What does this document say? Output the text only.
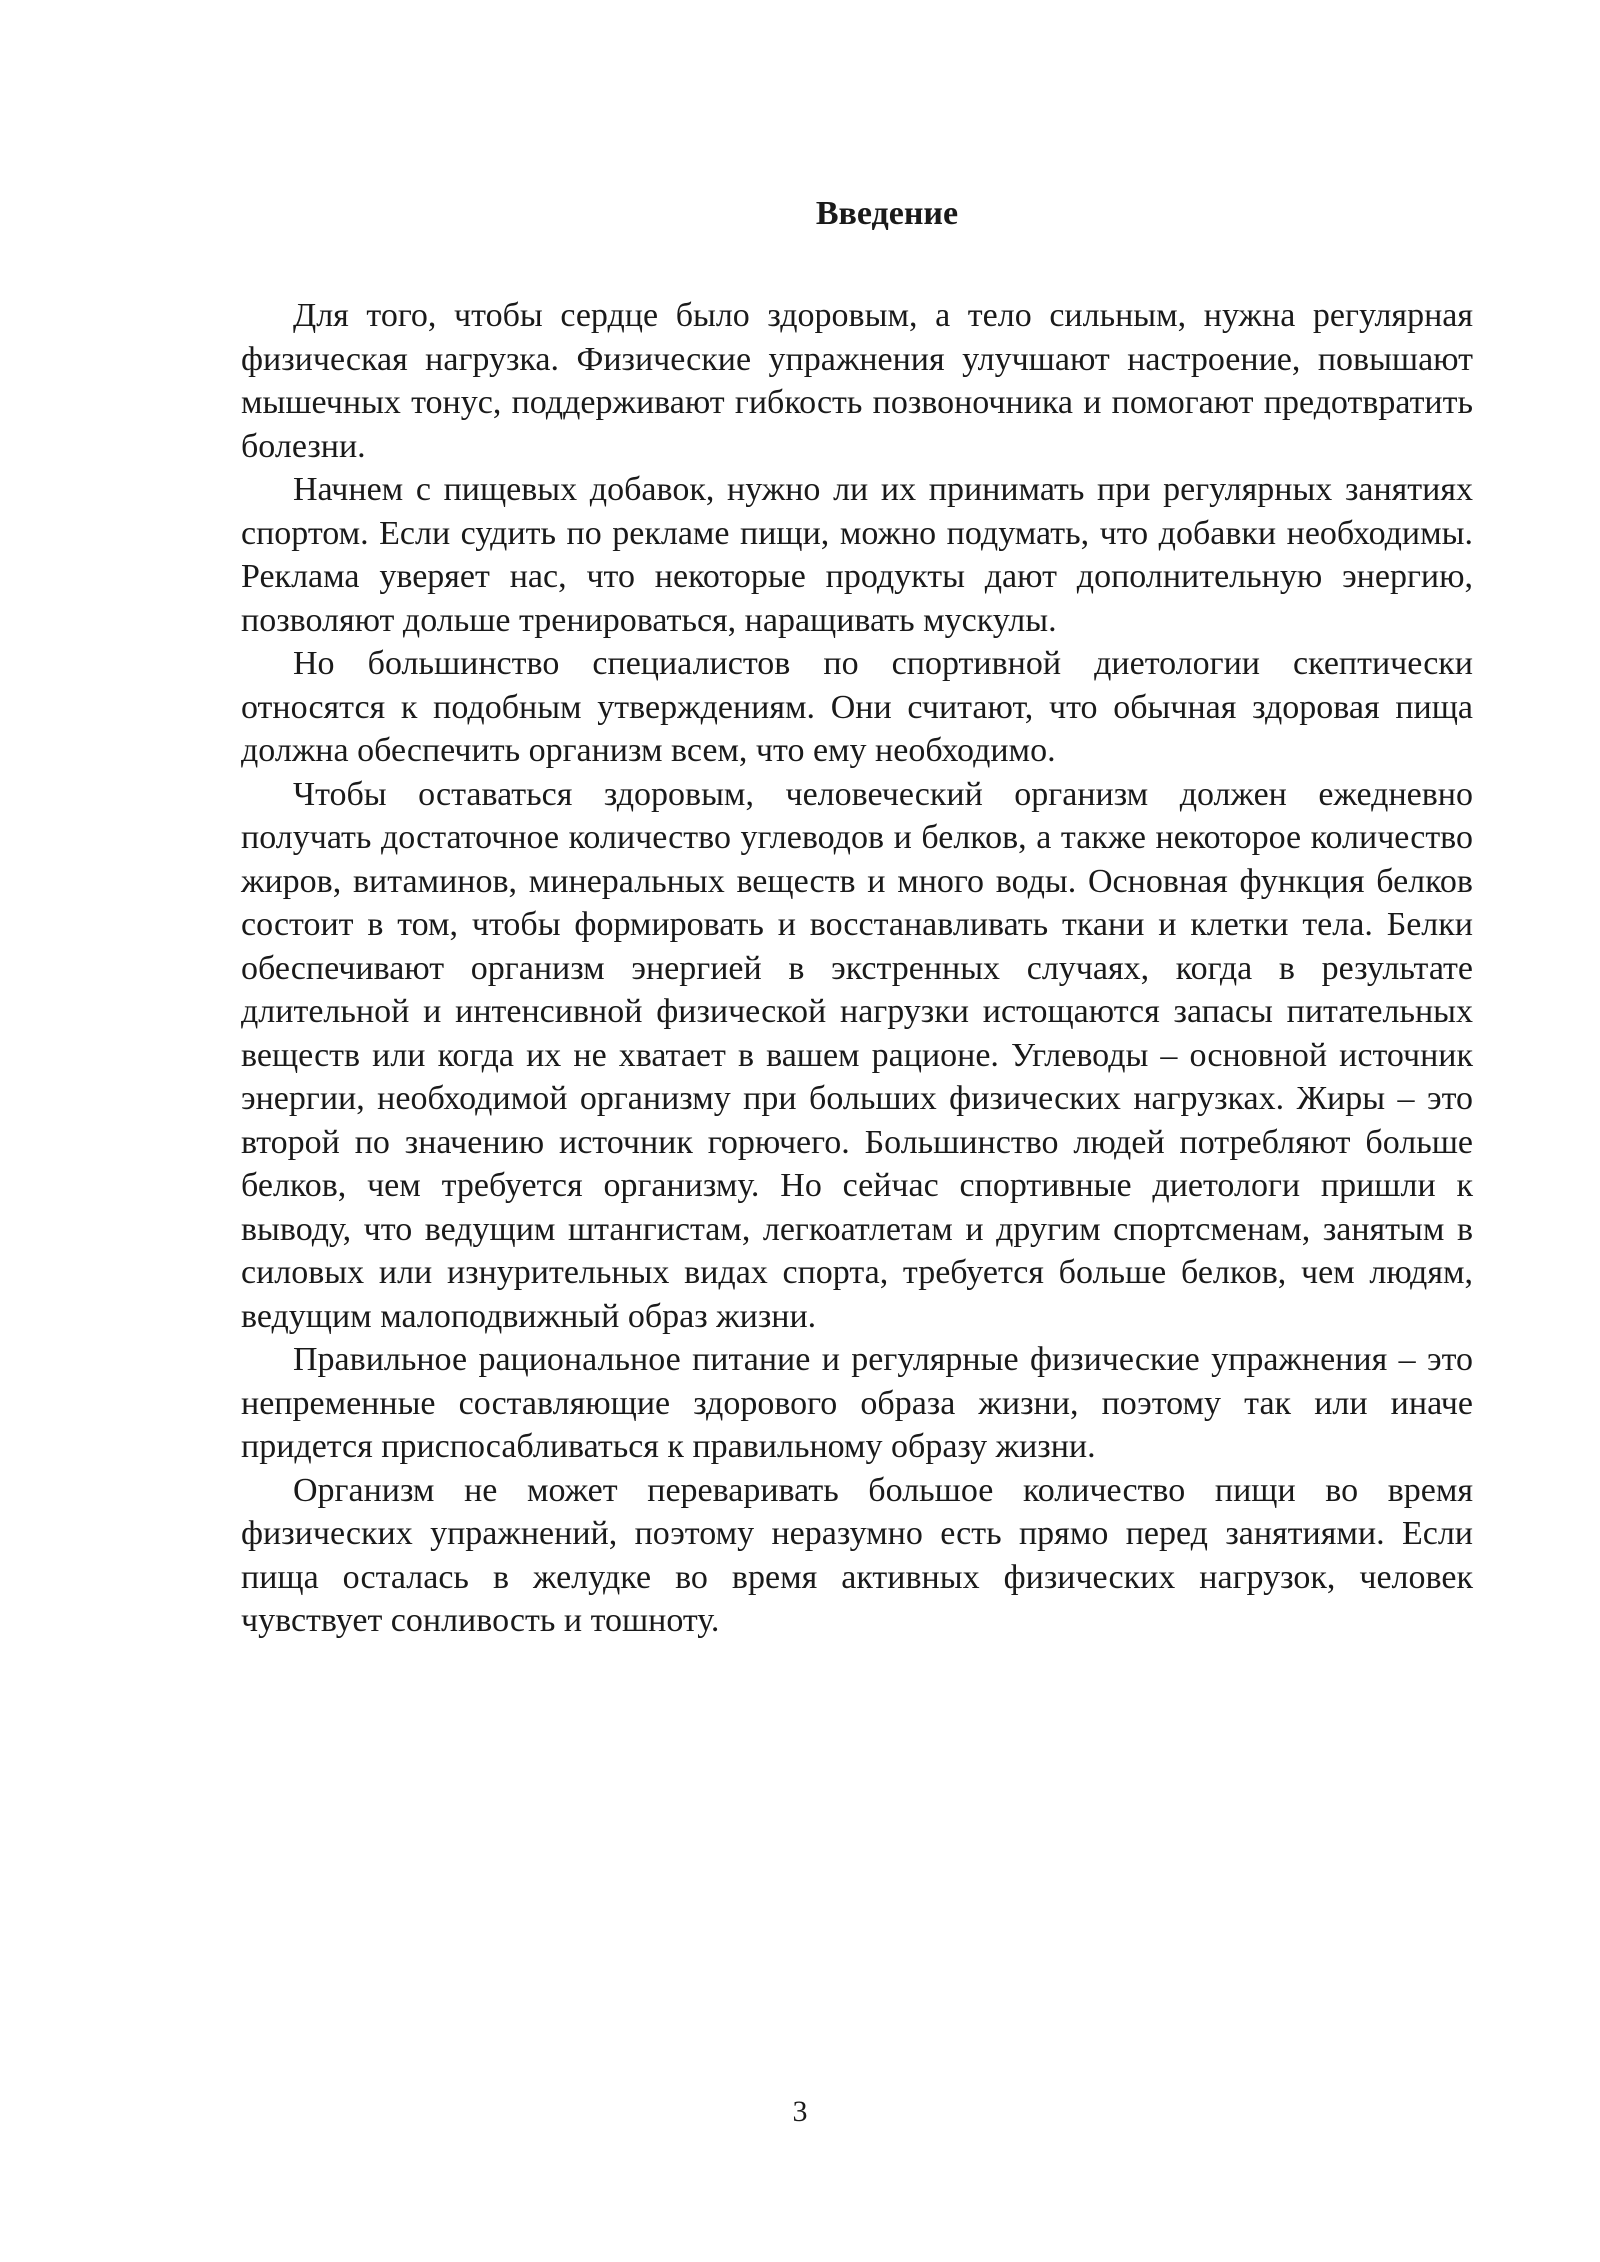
Введение

Для того, чтобы сердце было здоровым, а тело сильным, нужна регулярная физическая нагрузка. Физические упражнения улучшают настроение, повышают мышечных тонус, поддерживают гибкость позвоночника и помогают предотвратить болезни.

Начнем с пищевых добавок, нужно ли их принимать при регулярных занятиях спортом. Если судить по рекламе пищи, можно подумать, что добавки необходимы. Реклама уверяет нас, что некоторые продукты дают дополнительную энергию, позволяют дольше тренироваться, наращивать мускулы.

Но большинство специалистов по спортивной диетологии скептически относятся к подобным утверждениям. Они считают, что обычная здоровая пища должна обеспечить организм всем, что ему необходимо.

Чтобы оставаться здоровым, человеческий организм должен ежедневно получать достаточное количество углеводов и белков, а также некоторое количество жиров, витаминов, минеральных веществ и много воды. Основная функция белков состоит в том, чтобы формировать и восстанавливать ткани и клетки тела. Белки обеспечивают организм энергией в экстренных случаях, когда в результате длительной и интенсивной физической нагрузки истощаются запасы питательных веществ или когда их не хватает в вашем рационе. Углеводы – основной источник энергии, необходимой организму при больших физических нагрузках. Жиры – это второй по значению источник горючего. Большинство людей потребляют больше белков, чем требуется организму. Но сейчас спортивные диетологи пришли к выводу, что ведущим штангистам, легкоатлетам и другим спортсменам, занятым в силовых или изнурительных видах спорта, требуется больше белков, чем людям, ведущим малоподвижный образ жизни.

Правильное рациональное питание и регулярные физические упражнения – это непременные составляющие здорового образа жизни, поэтому так или иначе придется приспосабливаться к правильному образу жизни.

Организм не может переваривать большое количество пищи во время физических упражнений, поэтому неразумно есть прямо перед занятиями. Если пища осталась в желудке во время активных физических нагрузок, человек чувствует сонливость и тошноту.

3
